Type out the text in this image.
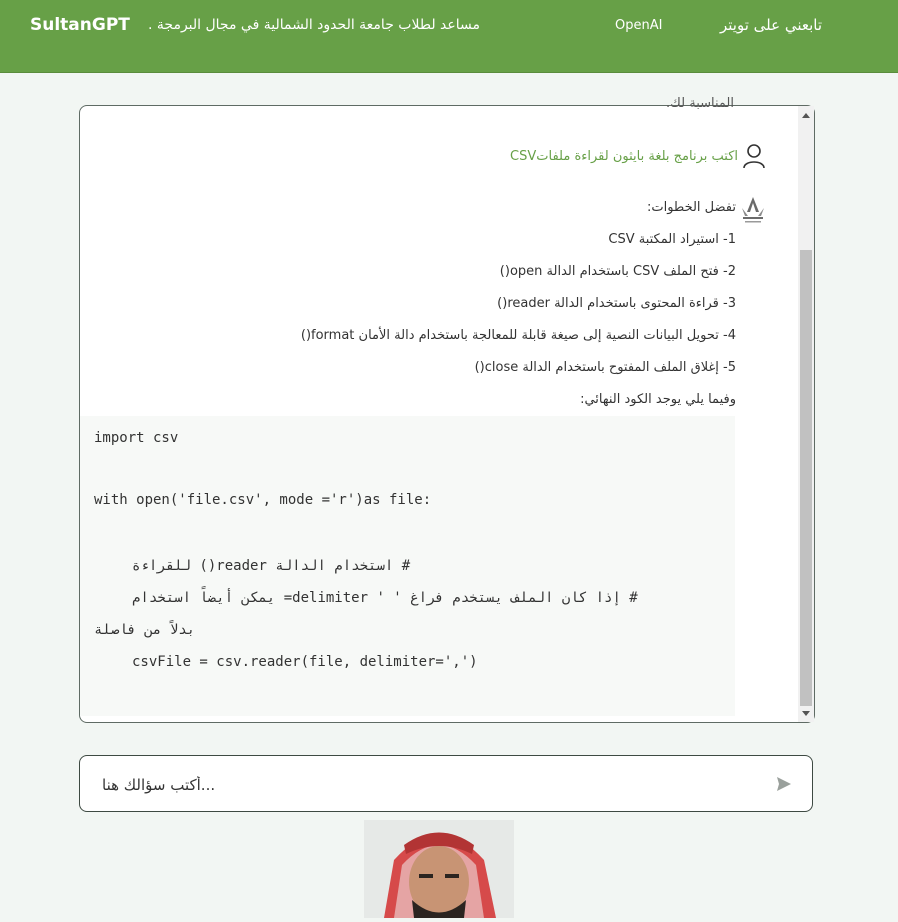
SultanGPT مساعد لطلاب جامعة الحدود الشمالية في مجال البرمجة .	OpenAI	تابعني على تويتر
المناسبة لك.
اكتب برنامج بلغة بايثون لقراءة ملفاتCSV
تفضل الخطوات:
1- استيراد المكتبة CSV
2- فتح الملف CSV باستخدام الدالة open()
3- قراءة المحتوى باستخدام الدالة reader()
4- تحويل البيانات النصية إلى صيغة قابلة للمعالجة باستخدام دالة الأمان format()
5- إغلاق الملف المفتوح باستخدام الدالة close()
وفيما يلي يوجد الكود النهائي:
import csv
with open('file.csv', mode ='r')as file:
# استخدام الدالة reader() للقراءة
# إذا كان الملف يستخدم فراغ ' ' delimiter= يمكن أيضاً استخدام
بدلاً من فاصلة
csvFile = csv.reader(file, delimiter=',')
...أكتب سؤالك هنا
